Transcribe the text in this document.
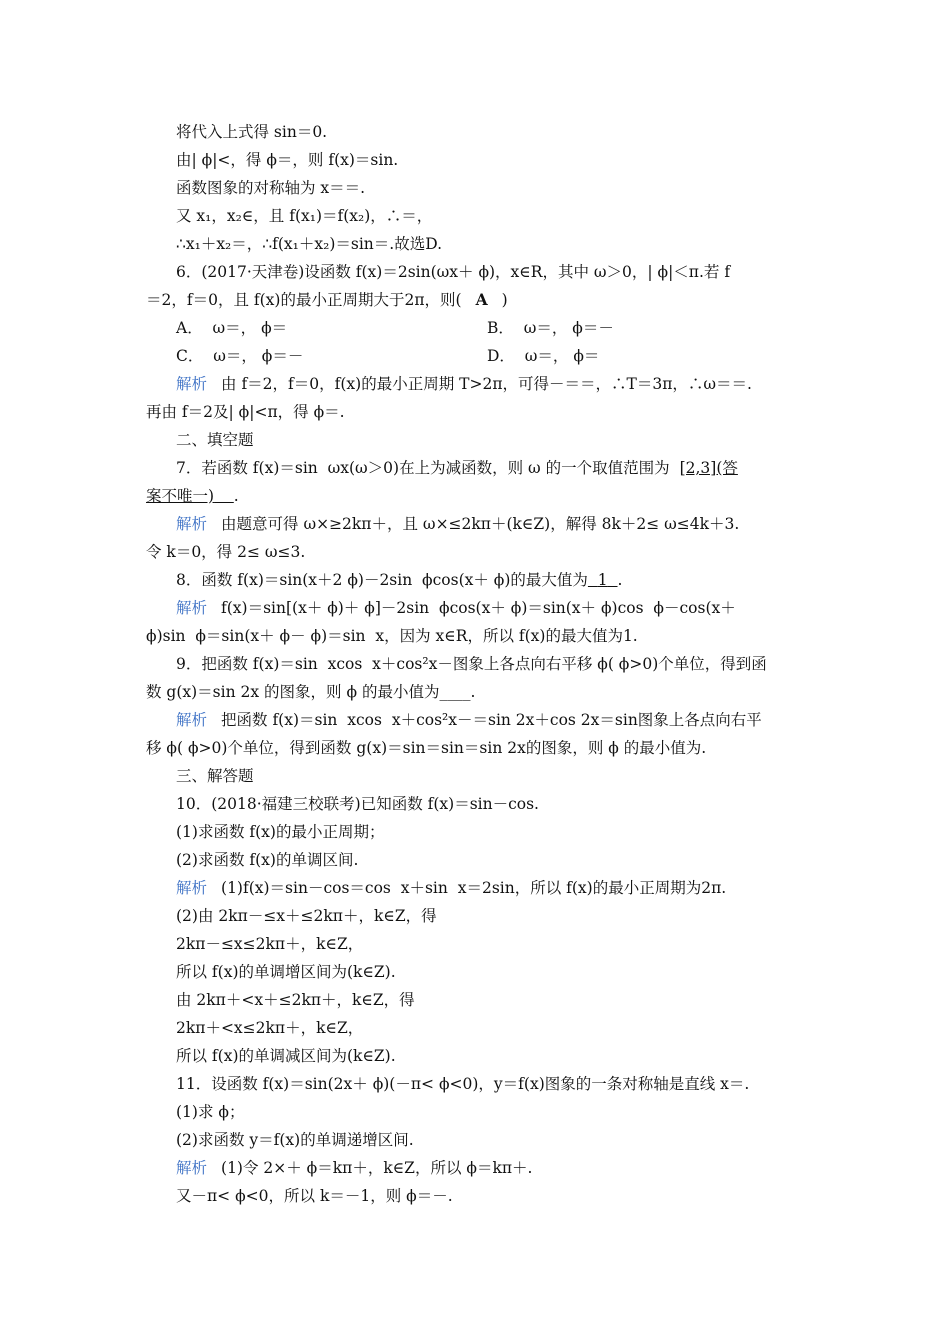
将代入上式得 sin＝0.
由| ϕ|<，得 ϕ＝，则 f(x)＝sin.
函数图象的对称轴为 x＝＝.
又 x₁，x₂∈，且 f(x₁)＝f(x₂)，∴＝，
∴x₁＋x₂＝，∴f(x₁＋x₂)＝sin＝.故选D.
6．(2017·天津卷)设函数 f(x)＝2sin(ωx＋ ϕ)，x∈R，其中 ω＞0，| ϕ|＜π.若 f
＝2，f＝0，且 f(x)的最小正周期大于2π，则( A )
A．  ω＝， ϕ＝	B．  ω＝， ϕ＝－
C．  ω＝， ϕ＝－	D．  ω＝， ϕ＝
解析 由 f＝2，f＝0，f(x)的最小正周期 T>2π，可得－＝＝，∴T＝3π，∴ω＝＝.
再由 f＝2及| ϕ|<π，得 ϕ＝.
二、填空题
7．若函数 f(x)＝sin  ωx(ω＞0)在上为减函数，则 ω 的一个取值范围为 [2,3](答
案不唯一) .
解析 由题意可得 ω×≥2kπ＋，且 ω×≤2kπ＋(k∈Z)，解得 8k＋2≤ ω≤4k＋3.
令 k＝0，得 2≤ ω≤3.
8．函数 f(x)＝sin(x＋2 ϕ)－2sin  ϕcos(x＋ ϕ)的最大值为 1 .
解析 f(x)＝sin[(x＋ ϕ)＋ ϕ]－2sin  ϕcos(x＋ ϕ)＝sin(x＋ ϕ)cos  ϕ－cos(x＋
ϕ)sin  ϕ＝sin(x＋ ϕ－ ϕ)＝sin  x，因为 x∈R，所以 f(x)的最大值为1.
9．把函数 f(x)＝sin  xcos  x＋cos²x－图象上各点向右平移 ϕ( ϕ>0)个单位，得到函
数 g(x)＝sin 2x 的图象，则 ϕ 的最小值为____.
解析 把函数 f(x)＝sin  xcos  x＋cos²x－＝sin 2x＋cos 2x＝sin图象上各点向右平
移 ϕ( ϕ>0)个单位，得到函数 g(x)＝sin＝sin＝sin 2x的图象，则 ϕ 的最小值为.
三、解答题
10．(2018·福建三校联考)已知函数 f(x)＝sin－cos.
(1)求函数 f(x)的最小正周期；
(2)求函数 f(x)的单调区间.
解析 (1)f(x)＝sin－cos＝cos  x＋sin  x＝2sin，所以 f(x)的最小正周期为2π.
(2)由 2kπ－≤x＋≤2kπ＋，k∈Z，得
2kπ－≤x≤2kπ＋，k∈Z，
所以 f(x)的单调增区间为(k∈Z).
由 2kπ＋<x＋≤2kπ＋，k∈Z，得
2kπ＋<x≤2kπ＋，k∈Z，
所以 f(x)的单调减区间为(k∈Z).
11．设函数 f(x)＝sin(2x＋ ϕ)(－π< ϕ<0)，y＝f(x)图象的一条对称轴是直线 x＝.
(1)求 ϕ；
(2)求函数 y＝f(x)的单调递增区间.
解析 (1)令 2×＋ ϕ＝kπ＋，k∈Z，所以 ϕ＝kπ＋.
又－π< ϕ<0，所以 k＝－1，则 ϕ＝－.
